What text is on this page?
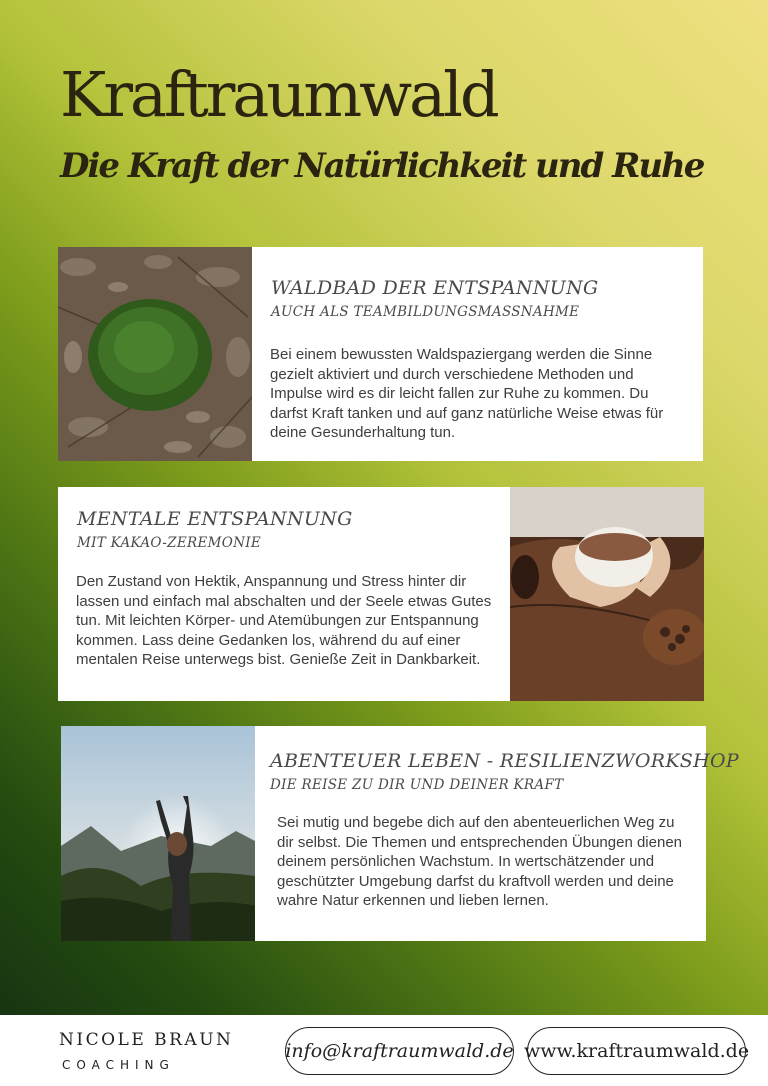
Kraftraumwald
Die Kraft der Natürlichkeit und Ruhe
WALDBAD DER ENTSPANNUNG
AUCH ALS TEAMBILDUNGSMASSNAHME

Bei einem bewussten Waldspaziergang werden die Sinne gezielt aktiviert und durch verschiedene Methoden und Impulse wird es dir leicht fallen zur Ruhe zu kommen. Du darfst Kraft tanken und auf ganz natürliche Weise etwas für deine Gesunderhaltung tun.

MENTALE ENTSPANNUNG
MIT KAKAO-ZEREMONIE

Den Zustand von Hektik, Anspannung und Stress hinter dir lassen und einfach mal abschalten und der Seele etwas Gutes tun. Mit leichten Körper- und Atemübungen zur Entspannung kommen. Lass deine Gedanken los, während du auf einer mentalen Reise unterwegs bist. Genieße Zeit in Dankbarkeit.

ABENTEUER LEBEN - RESILIENZWORKSHOP
DIE REISE ZU DIR UND DEINER KRAFT

Sei mutig und begebe dich auf den abenteuerlichen Weg zu dir selbst. Die Themen und entsprechenden Übungen dienen deinem persönlichen Wachstum. In wertschätzender und geschützter Umgebung darfst du kraftvoll werden und deine wahre Natur erkennen und lieben lernen.

NICOLE BRAUN
COACHING
info@kraftraumwald.de www.kraftraumwald.de
